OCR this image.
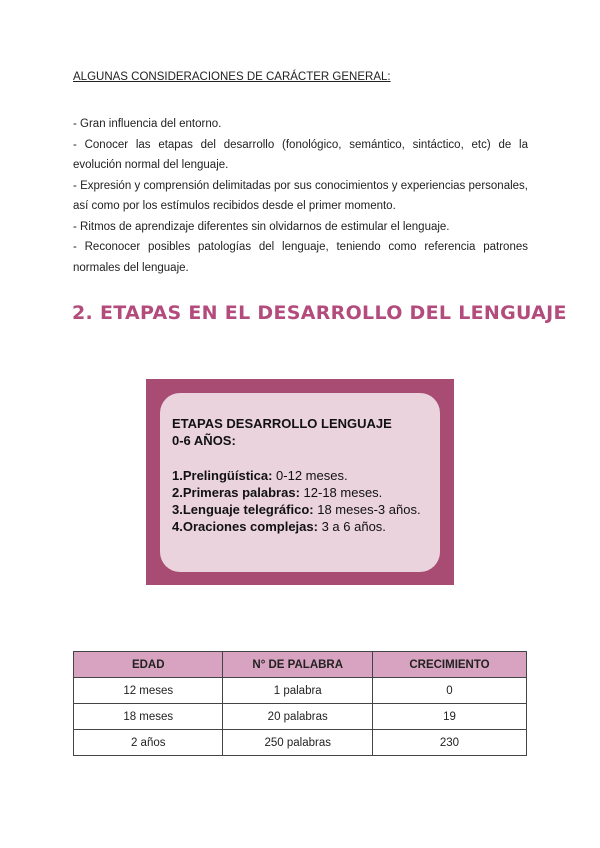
ALGUNAS CONSIDERACIONES DE CARÁCTER GENERAL:

- Gran influencia del entorno.

- Conocer las etapas del desarrollo (fonológico, semántico, sintáctico, etc) de la evolución normal del lenguaje.

- Expresión y comprensión delimitadas por sus conocimientos y experiencias personales, así como por los estímulos recibidos desde el primer momento.

- Ritmos de aprendizaje diferentes sin olvidarnos de estimular el lenguaje.

- Reconocer posibles patologías del lenguaje, teniendo como referencia patrones normales del lenguaje.

2. ETAPAS EN EL DESARROLLO DEL LENGUAJE
ETAPAS DESARROLLO LENGUAJE
0-6 AÑOS:
1.Prelingüística: 0-12 meses.
2.Primeras palabras: 12-18 meses.
3.Lenguaje telegráfico: 18 meses-3 años.
4.Oraciones complejas: 3 a 6 años.
EDAD	N° DE PALABRA	CRECIMIENTO
12 meses	1 palabra	0
18 meses	20 palabras	19
2 años	250 palabras	230
